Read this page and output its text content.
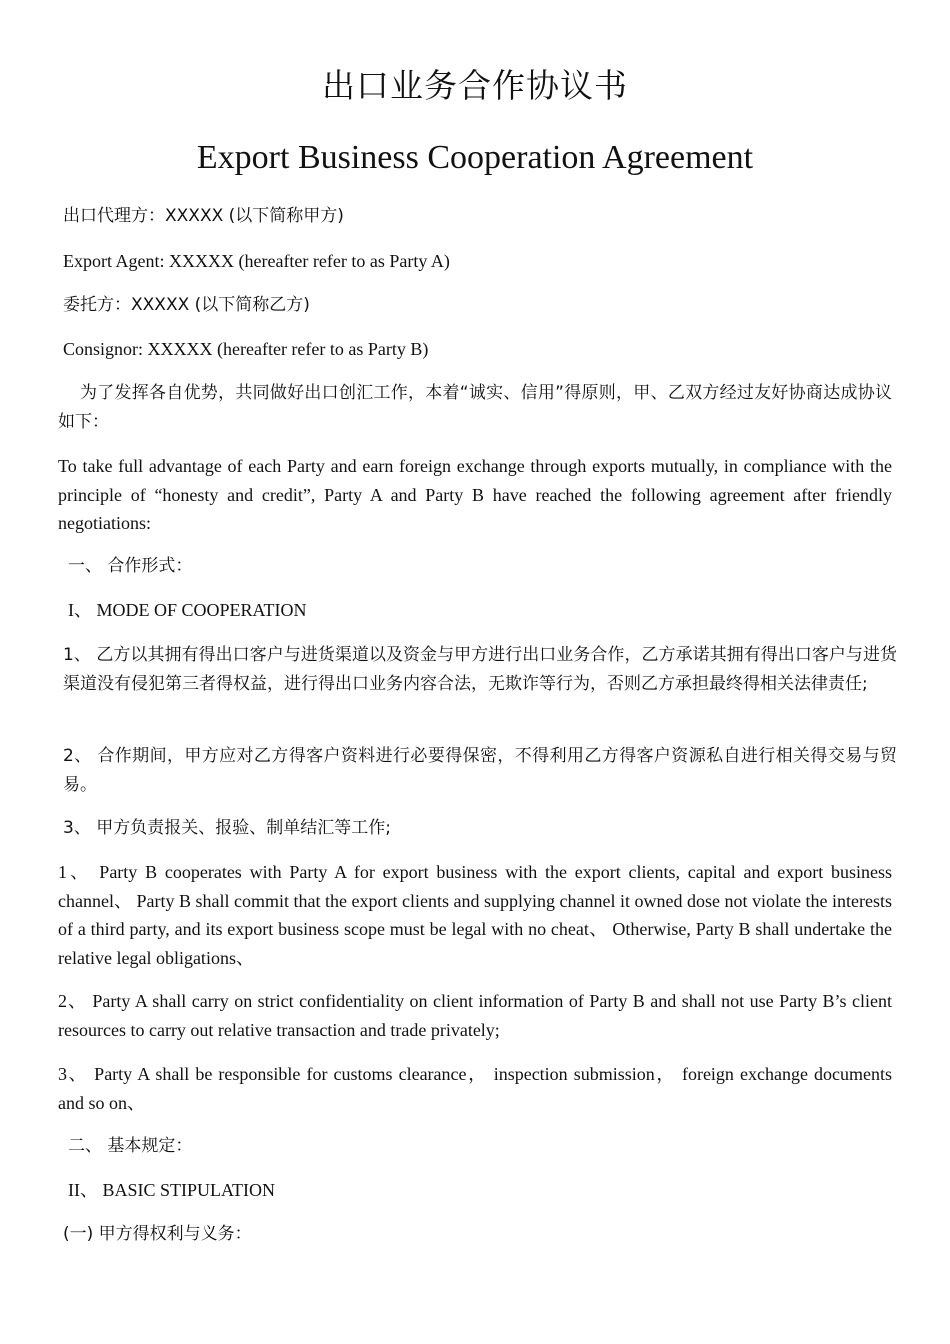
出口业务合作协议书
Export Business Cooperation Agreement

出口代理方：XXXXX (以下简称甲方)

Export Agent: XXXXX (hereafter refer to as Party A)

委托方：XXXXX (以下简称乙方)

Consignor: XXXXX (hereafter refer to as Party B)

为了发挥各自优势，共同做好出口创汇工作，本着“诚实、信用”得原则，甲、乙双方经过友好协商达成协议如下：

To take full advantage of each Party and earn foreign exchange through exports mutually, in compliance with the principle of “honesty and credit”, Party A and Party B have reached the following agreement after friendly negotiations:

一、 合作形式：

I、 MODE OF COOPERATION

1、 乙方以其拥有得出口客户与进货渠道以及资金与甲方进行出口业务合作，乙方承诺其拥有得出口客户与进货渠道没有侵犯第三者得权益，进行得出口业务内容合法，无欺诈等行为，否则乙方承担最终得相关法律责任;

2、 合作期间，甲方应对乙方得客户资料进行必要得保密，不得利用乙方得客户资源私自进行相关得交易与贸易。

3、 甲方负责报关、报验、制单结汇等工作;

1、 Party B cooperates with Party A for export business with the export clients, capital and export business channel、 Party B shall commit that the export clients and supplying channel it owned dose not violate the interests of a third party, and its export business scope must be legal with no cheat、 Otherwise, Party B shall undertake the relative legal obligations、

2、 Party A shall carry on strict confidentiality on client information of Party B and shall not use Party B’s client resources to carry out relative transaction and trade privately;

3、 Party A shall be responsible for customs clearance， inspection submission， foreign exchange documents and so on、

二、 基本规定：

II、 BASIC STIPULATION

(一) 甲方得权利与义务：
